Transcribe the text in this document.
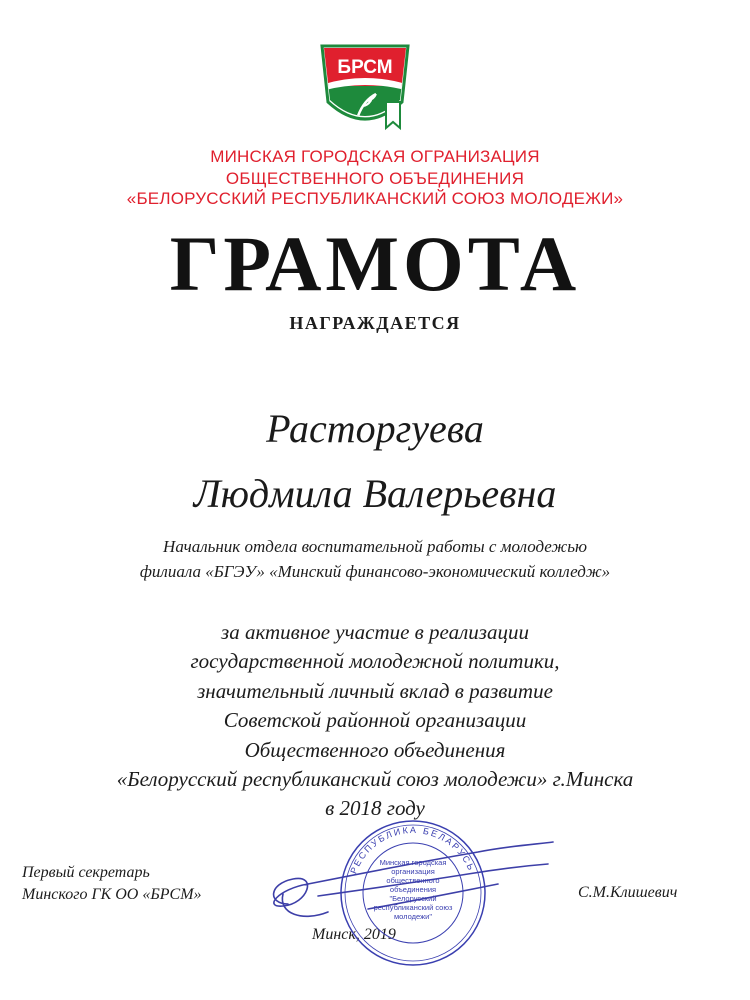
БРСМ
МИНСКАЯ ГОРОДСКАЯ ОГРАНИЗАЦИЯ
ОБЩЕСТВЕННОГО ОБЪЕДИНЕНИЯ
«БЕЛОРУССКИЙ РЕСПУБЛИКАНСКИЙ СОЮЗ МОЛОДЕЖИ»
ГРАМОТА
НАГРАЖДАЕТСЯ
Расторгуева
Людмила Валерьевна
Начальник отдела воспитательной работы с молодежью
филиала «БГЭУ» «Минский финансово-экономический колледж»
за активное участие в реализации
государственной молодежной политики,
значительный личный вклад в развитие
Советской районной организации
Общественного объединения
«Белорусский республиканский союз молодежи» г.Минска
в 2018 году
Первый секретарь
Минского ГК ОО «БРСМ»	С.М.Клишевич
Минск, 2019
РЕСПУБЛИКА БЕЛАРУСЬ
Минская городская организация общественного объединения "Белорусский республиканский союз молодежи"
